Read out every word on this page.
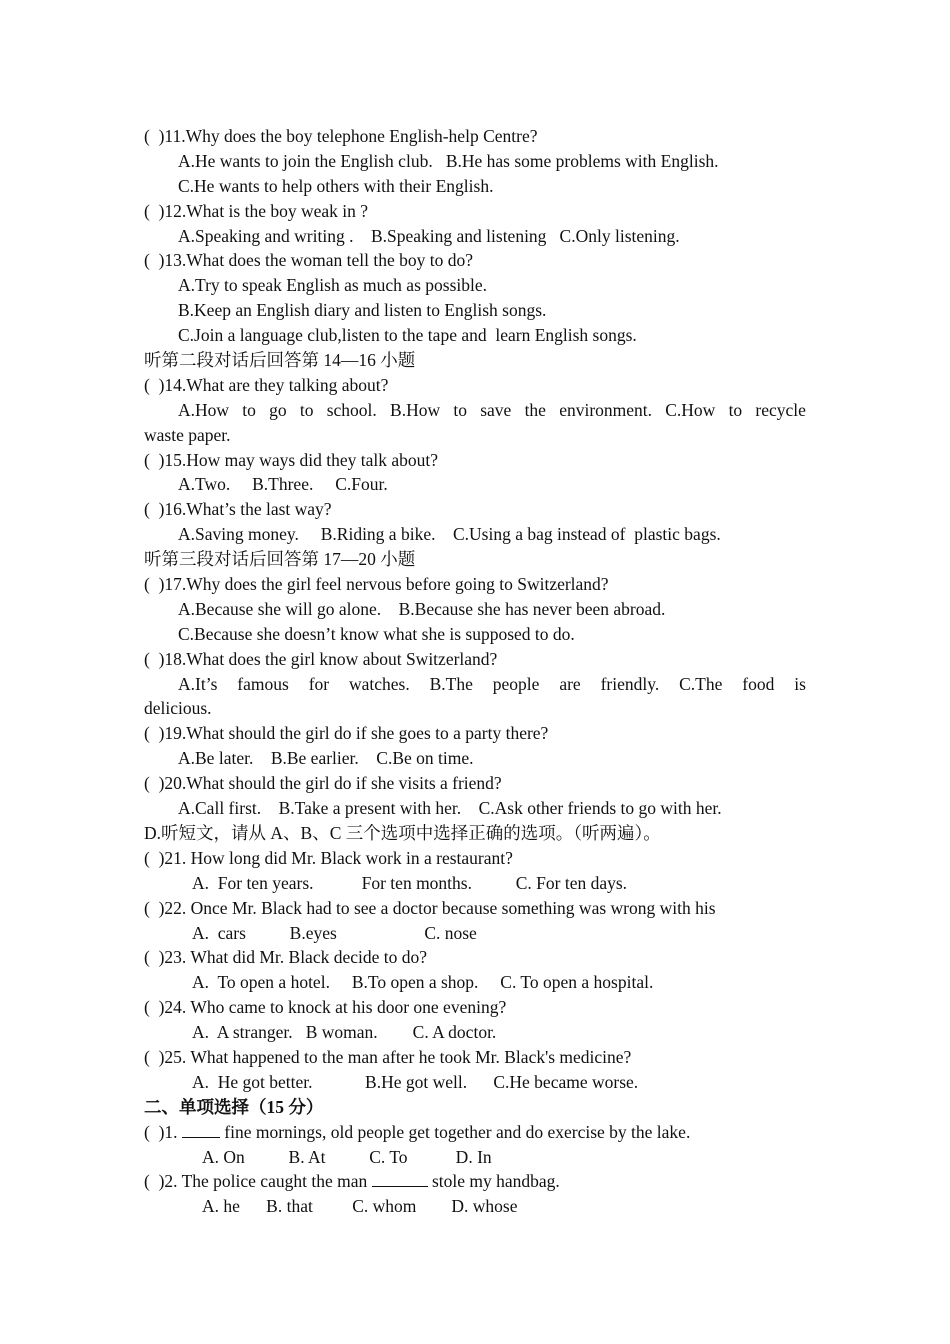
(  )11.Why does the boy telephone English-help Centre?
A.He wants to join the English club.   B.He has some problems with English.
C.He wants to help others with their English.
(  )12.What is the boy weak in ?
A.Speaking and writing .    B.Speaking and listening   C.Only listening.
(  )13.What does the woman tell the boy to do?
A.Try to speak English as much as possible.
B.Keep an English diary and listen to English songs.
C.Join a language club,listen to the tape and  learn English songs.
听第二段对话后回答第 14—16 小题
(  )14.What are they talking about?
A.How to go to school. B.How to save the environment. C.How to recycle
waste paper.
(  )15.How may ways did they talk about?
A.Two.     B.Three.     C.Four.
(  )16.What’s the last way?
A.Saving money.     B.Riding a bike.    C.Using a bag instead of  plastic bags.
听第三段对话后回答第 17—20 小题
(  )17.Why does the girl feel nervous before going to Switzerland?
A.Because she will go alone.    B.Because she has never been abroad.
C.Because she doesn’t know what she is supposed to do.
(  )18.What does the girl know about Switzerland?
A.It’s famous for watches. B.The people are friendly. C.The food is
delicious.
(  )19.What should the girl do if she goes to a party there?
A.Be later.    B.Be earlier.    C.Be on time.
(  )20.What should the girl do if she visits a friend?
A.Call first.    B.Take a present with her.    C.Ask other friends to go with her.
D.听短文，请从 A、B、C 三个选项中选择正确的选项。（听两遍）。
(  )21. How long did Mr. Black work in a restaurant?
A.  For ten years.           For ten months.          C. For ten days.
(  )22. Once Mr. Black had to see a doctor because something was wrong with his
A.  cars          B.eyes                    C. nose
(  )23. What did Mr. Black decide to do?
A.  To open a hotel.     B.To open a shop.     C. To open a hospital.
(  )24. Who came to knock at his door one evening?
A.  A stranger.   B woman.        C. A doctor.
(  )25. What happened to the man after he took Mr. Black's medicine?
A.  He got better.            B.He got well.      C.He became worse.
二、单项选择（15 分）
(  )1.  fine mornings, old people get together and do exercise by the lake.
A. On          B. At          C. To           D. In
(  )2. The police caught the man	stole my handbag.
A. he      B. that         C. whom        D. whose
